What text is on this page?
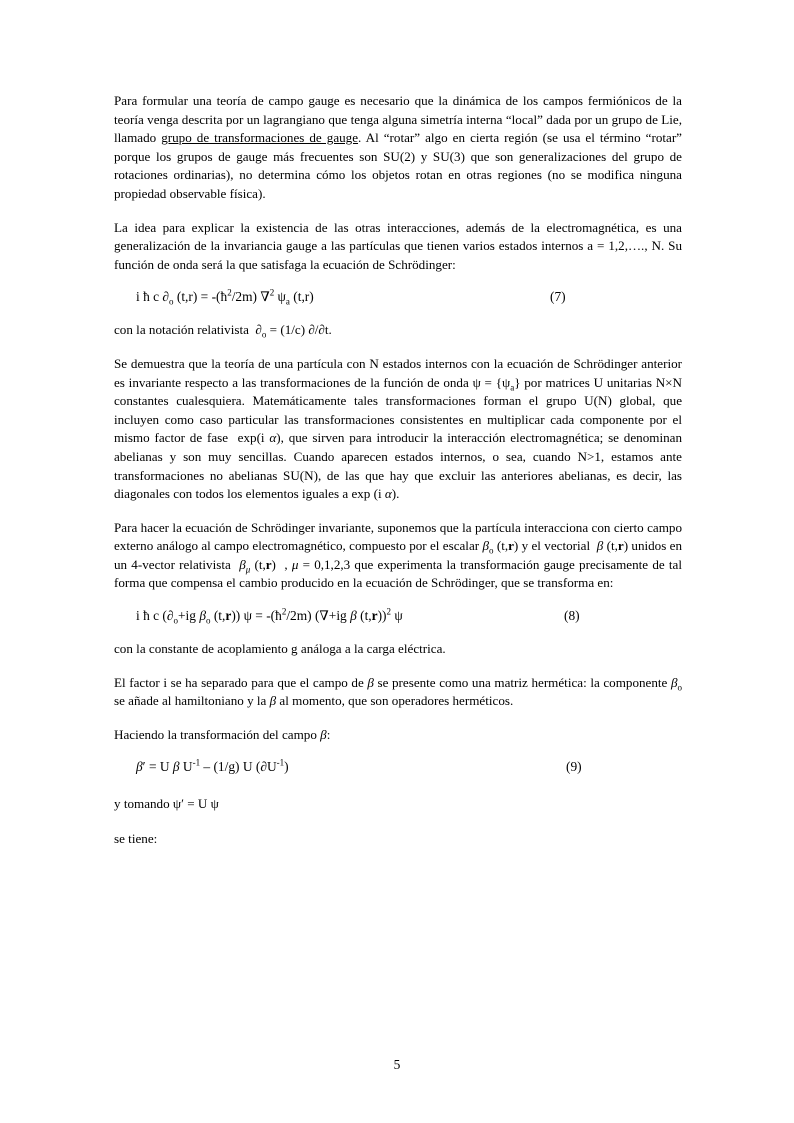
Para formular una teoría de campo gauge es necesario que la dinámica de los campos fermiónicos de la teoría venga descrita por un lagrangiano que tenga alguna simetría interna “local” dada por un grupo de Lie, llamado grupo de transformaciones de gauge. Al “rotar” algo en cierta región (se usa el término “rotar” porque los grupos de gauge más frecuentes son SU(2) y SU(3) que son generalizaciones del grupo de rotaciones ordinarias), no determina cómo los objetos rotan en otras regiones (no se modifica ninguna propiedad observable física).

La idea para explicar la existencia de las otras interacciones, además de la electromagnética, es una generalización de la invariancia gauge a las partículas que tienen varios estados internos a = 1,2,…., N. Su función de onda será la que satisfaga la ecuación de Schrödinger:

i ħ c $\partial_o$ $(t,r) = -(ħ^2/2m)$ ∇$^2$ $\psi_a$ (t,r)	(7)

con la notación relativista  $\partial_o = (1/c)$ ∂/∂t.

Se demuestra que la teoría de una partícula con N estados internos con la ecuación de Schrödinger anterior es invariante respecto a las transformaciones de la función de onda $\psi = \{\psi_a\}$ por matrices U unitarias N×N constantes cualesquiera. Matemáticamente tales transformaciones forman el grupo U(N) global, que incluyen como caso particular las transformaciones consistentes en multiplicar cada componente por el mismo factor de fase  exp(i α), que sirven para introducir la interacción electromagnética; se denominan abelianas y son muy sencillas. Cuando aparecen estados internos, o sea, cuando N>1, estamos ante transformaciones no abelianas SU(N), de las que hay que excluir las anteriores abelianas, es decir, las diagonales con todos los elementos iguales a exp (i α).

Para hacer la ecuación de Schrödinger invariante, suponemos que la partícula interacciona con cierto campo externo análogo al campo electromagnético, compuesto por el escalar $\beta_o$ (t,r) y el vectorial  β (t,r) unidos en un 4-vector relativista  $\beta_\mu$ (t,r)  , μ = 0,1,2,3 que experimenta la transformación gauge precisamente de tal forma que compensa el cambio producido en la ecuación de Schrödinger, que se transforma en:

i ħ c ($\partial_o+ig$ $\beta_o$ (t,r)) $\psi = -(ħ^2/2m)$ (∇+ig β (t,r))$^2$ ψ	(8)

con la constante de acoplamiento g análoga a la carga eléctrica.

El factor i se ha separado para que el campo de β se presente como una matriz hermética: la componente $\beta_o$ se añade al hamiltoniano y la β al momento, que son operadores herméticos.

Haciendo la transformación del campo β:

β′ = U β $U^{-1} - (1/g)$ U $(\partial U^{-1})$	(9)

y tomando ψ′ = U ψ

se tiene:

5
